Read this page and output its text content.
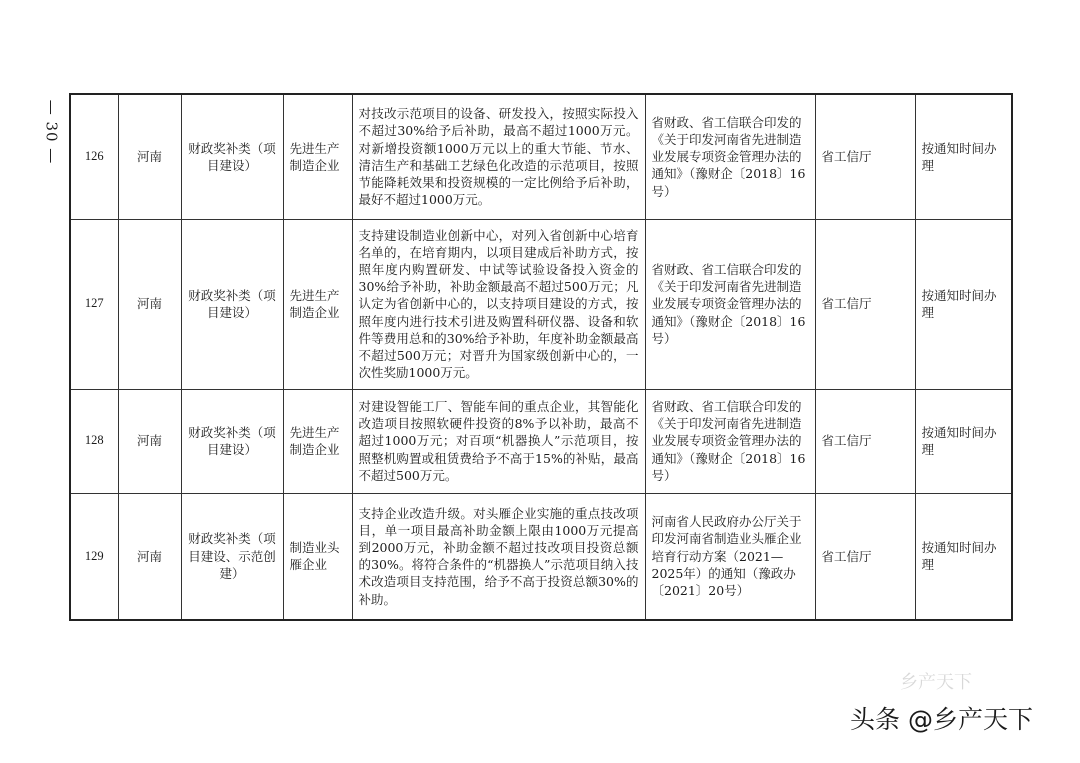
— 30 — 126	河南	财政奖补类（项目建设）	先进生产制造企业	对技改示范项目的设备、研发投入，按照实际投入不超过30%给予后补助，最高不超过1000万元。对新增投资额1000万元以上的重大节能、节水、清洁生产和基础工艺绿色化改造的示范项目，按照节能降耗效果和投资规模的一定比例给予后补助，最好不超过1000万元。	省财政、省工信联合印发的《关于印发河南省先进制造业发展专项资金管理办法的通知》（豫财企〔2018〕16号）	省工信厅	按通知时间办理
127	河南	财政奖补类（项目建设）	先进生产制造企业	支持建设制造业创新中心，对列入省创新中心培育名单的，在培育期内，以项目建成后补助方式，按照年度内购置研发、中试等试验设备投入资金的30%给予补助，补助金额最高不超过500万元；凡认定为省创新中心的，以支持项目建设的方式，按照年度内进行技术引进及购置科研仪器、设备和软件等费用总和的30%给予补助，年度补助金额最高不超过500万元；对晋升为国家级创新中心的，一次性奖励1000万元。	省财政、省工信联合印发的《关于印发河南省先进制造业发展专项资金管理办法的通知》（豫财企〔2018〕16号）	省工信厅	按通知时间办理
128	河南	财政奖补类（项目建设）	先进生产制造企业	对建设智能工厂、智能车间的重点企业，其智能化改造项目按照软硬件投资的8%予以补助，最高不超过1000万元；对百项“机器换人”示范项目，按照整机购置或租赁费给予不高于15%的补贴，最高不超过500万元。	省财政、省工信联合印发的《关于印发河南省先进制造业发展专项资金管理办法的通知》（豫财企〔2018〕16号）	省工信厅	按通知时间办理
129	河南	财政奖补类（项目建设、示范创建）	制造业头雁企业	支持企业改造升级。对头雁企业实施的重点技改项目，单一项目最高补助金额上限由1000万元提高到2000万元，补助金额不超过技改项目投资总额的30%。将符合条件的“机器换人”示范项目纳入技术改造项目支持范围，给予不高于投资总额30%的补助。	河南省人民政府办公厅关于印发河南省制造业头雁企业培育行动方案（2021—2025年）的通知（豫政办〔2021〕20号）	省工信厅	按通知时间办理
乡产天下
头条 @乡产天下
